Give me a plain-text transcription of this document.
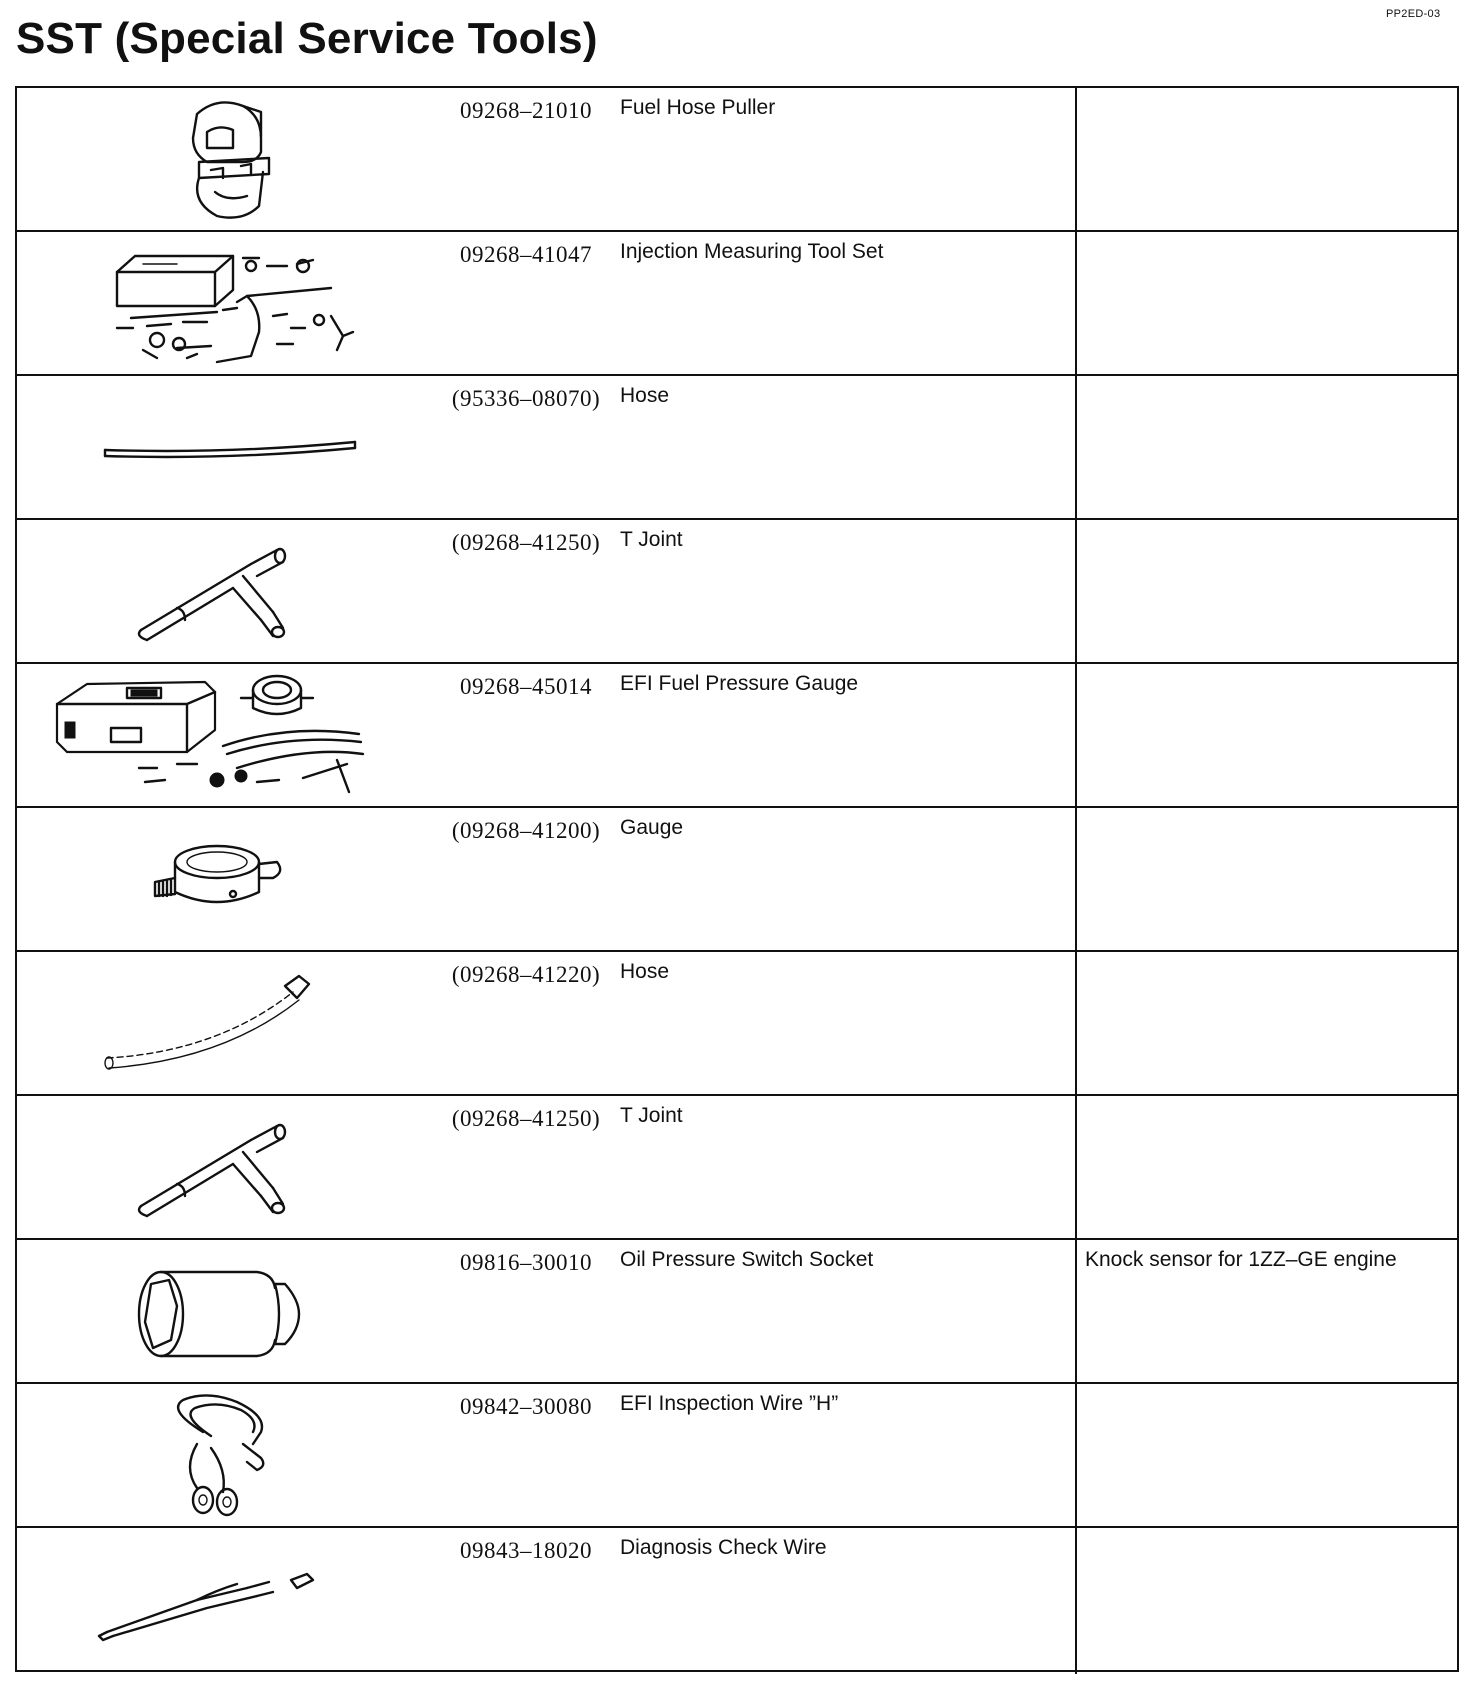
PP2ED-03
SST (Special Service Tools)
09268–21010	Fuel Hose Puller
09268–41047	Injection Measuring Tool Set
(95336–08070) Hose
(09268–41250) T Joint
09268–45014	EFI Fuel Pressure Gauge
(09268–41200) Gauge
(09268–41220) Hose
(09268–41250) T Joint
09816–30010	Oil Pressure Switch Socket	Knock sensor for 1ZZ–GE engine
09842–30080	EFI Inspection Wire ”H”
09843–18020	Diagnosis Check Wire
